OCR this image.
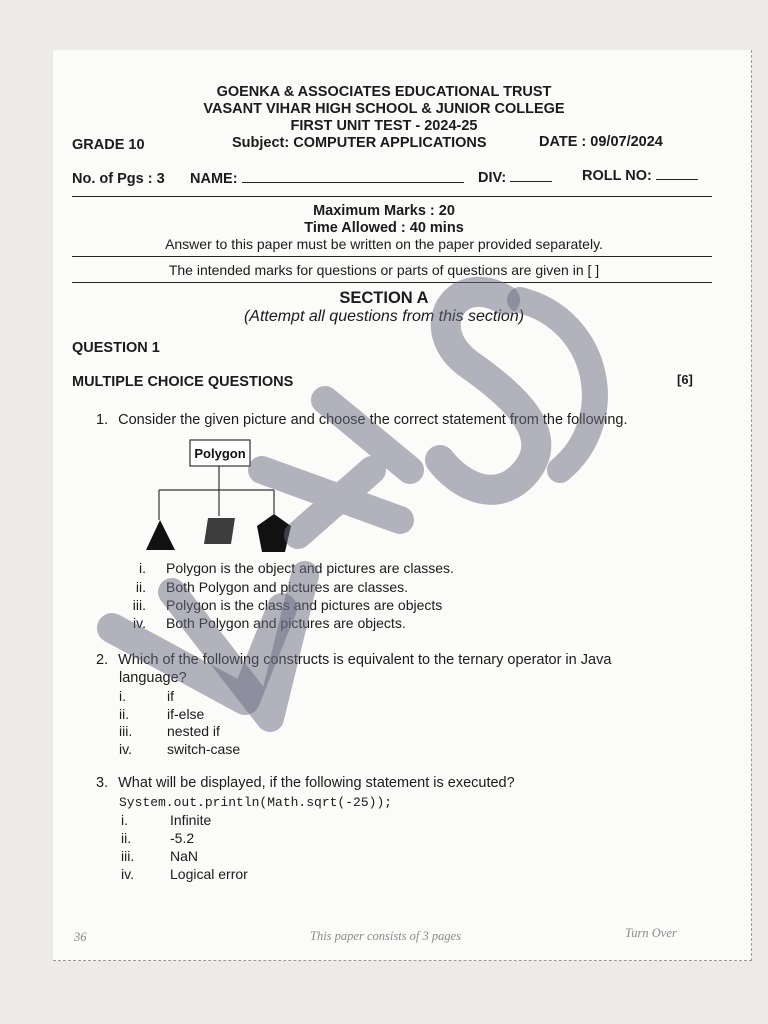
GOENKA & ASSOCIATES EDUCATIONAL TRUST
VASANT VIHAR HIGH SCHOOL & JUNIOR COLLEGE
FIRST UNIT TEST - 2024-25
GRADE 10	Subject: COMPUTER APPLICATIONS	DATE : 09/07/2024
No. of Pgs : 3 NAME:	DIV:	ROLL NO:
Maximum Marks : 20
Time Allowed : 40 mins
Answer to this paper must be written on the paper provided separately.
The intended marks for questions or parts of questions are given in [ ]
SECTION A
(Attempt all questions from this section)
QUESTION 1
MULTIPLE CHOICE QUESTIONS	[6]
1. Consider the given picture and choose the correct statement from the following.
Polygon
i. Polygon is the object and pictures are classes.
ii. Both Polygon and pictures are classes.
iii. Polygon is the class and pictures are objects
iv. Both Polygon and pictures are objects.
2. Which of the following constructs is equivalent to the ternary operator in Java
language?
i.	if
ii.	if-else
iii. nested if
iv.	switch-case
3. What will be displayed, if the following statement is executed?
System.out.println(Math.sqrt(-25));
i.	Infinite
ii.	-5.2
iii.	NaN
iv.	Logical error
36	This paper consists of 3 pages	Turn Over
